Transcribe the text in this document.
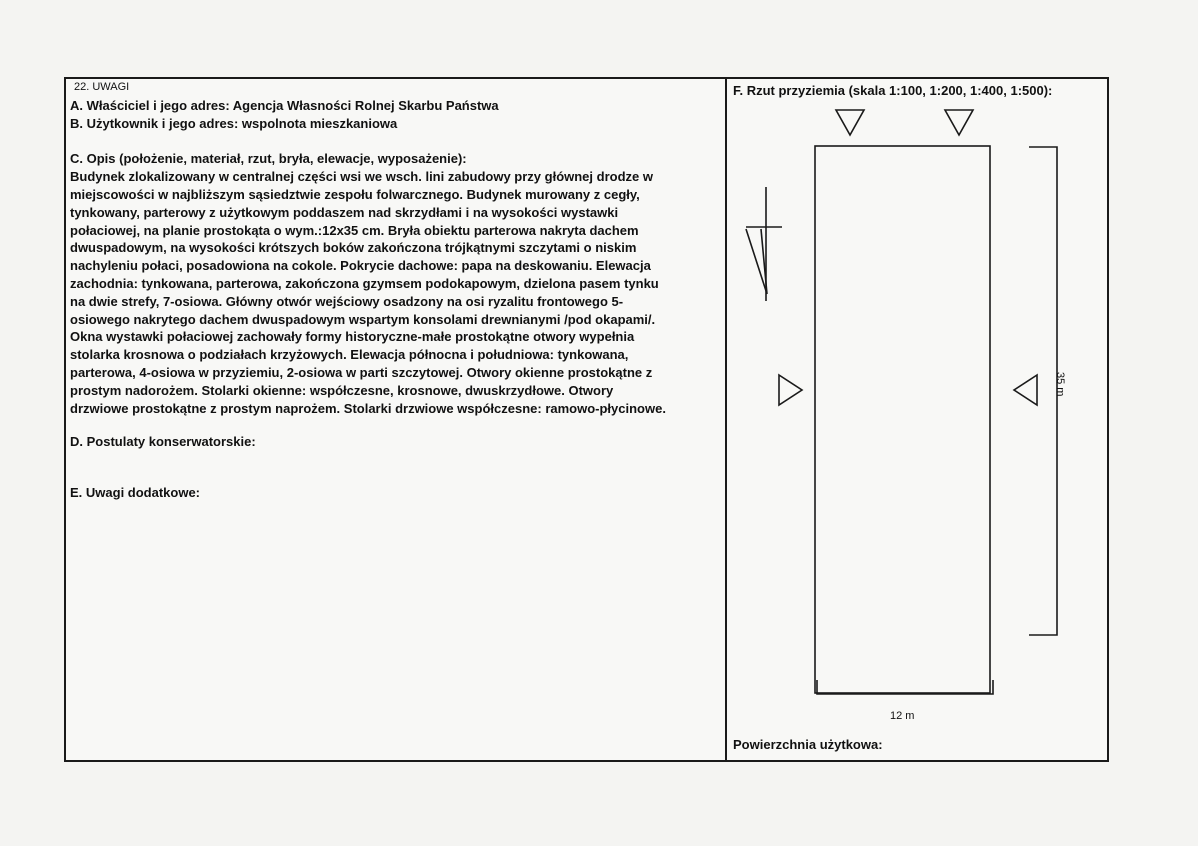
22. UWAGI
A. Właściciel i jego adres: Agencja Własności Rolnej Skarbu Państwa
B. Użytkownik i jego adres: wspolnota mieszkaniowa
C. Opis (położenie, materiał, rzut, bryła, elewacje, wyposażenie):
Budynek zlokalizowany w centralnej części wsi we wsch. lini zabudowy przy głównej drodze w
miejscowości w najbliższym sąsiedztwie zespołu folwarcznego. Budynek murowany z cegły,
tynkowany, parterowy z użytkowym poddaszem nad skrzydłami i na wysokości wystawki
połaciowej, na planie prostokąta o wym.:12x35 cm. Bryła obiektu parterowa nakryta dachem
dwuspadowym, na wysokości krótszych boków zakończona trójkątnymi szczytami o niskim
nachyleniu połaci, posadowiona na cokole. Pokrycie dachowe: papa na deskowaniu. Elewacja
zachodnia: tynkowana, parterowa, zakończona gzymsem podokapowym, dzielona pasem tynku
na dwie strefy, 7-osiowa. Główny otwór wejściowy osadzony na osi ryzalitu frontowego 5-
osiowego nakrytego dachem dwuspadowym wspartym konsolami drewnianymi /pod okapami/.
Okna wystawki połaciowej zachowały formy historyczne-małe prostokątne otwory wypełnia
stolarka krosnowa o podziałach krzyżowych. Elewacja północna i południowa: tynkowana,
parterowa, 4-osiowa w przyziemiu, 2-osiowa w parti szczytowej. Otwory okienne prostokątne z
prostym nadorożem. Stolarki okienne: współczesne, krosnowe, dwuskrzydłowe. Otwory
drzwiowe prostokątne z prostym naprożem. Stolarki drzwiowe współczesne: ramowo-płycinowe.
D. Postulaty konserwatorskie:
E. Uwagi dodatkowe:
F. Rzut przyziemia (skala 1:100, 1:200, 1:400, 1:500):
35 m
12 m
Powierzchnia użytkowa:
